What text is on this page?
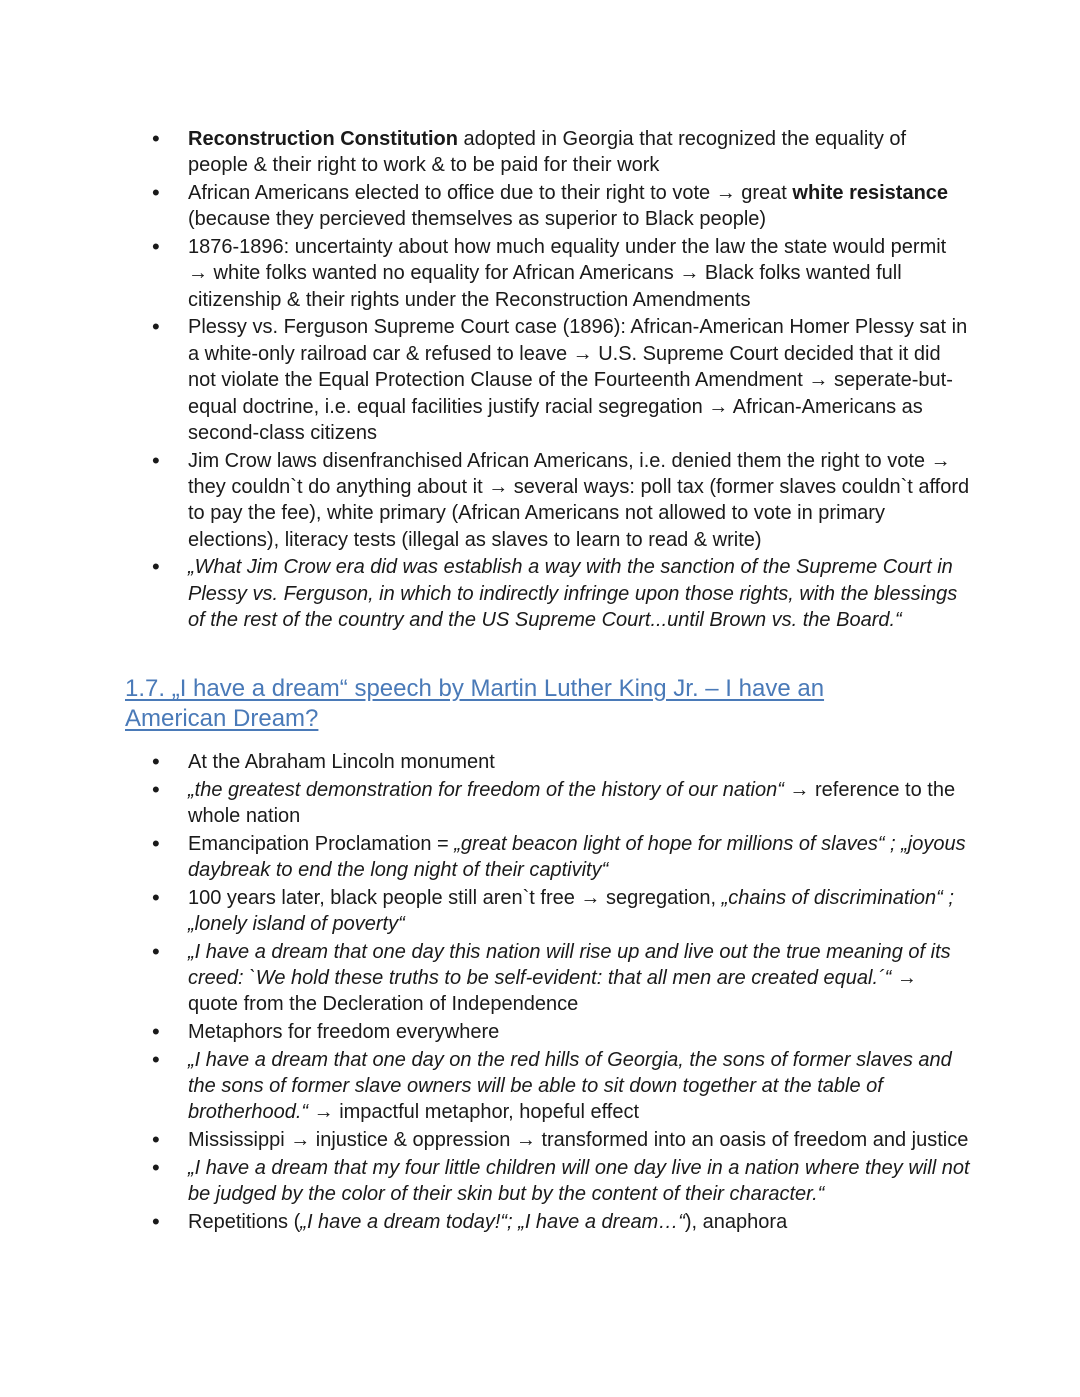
• Reconstruction Constitution adopted in Georgia that recognized the equality of people & their right to work & to be paid for their work
• African Americans elected to office due to their right to vote → great white resistance (because they percieved themselves as superior to Black people)
• 1876-1896: uncertainty about how much equality under the law the state would permit → white folks wanted no equality for African Americans → Black folks wanted full citizenship & their rights under the Reconstruction Amendments
• Plessy vs. Ferguson Supreme Court case (1896): African-American Homer Plessy sat in a white-only railroad car & refused to leave → U.S. Supreme Court decided that it did not violate the Equal Protection Clause of the Fourteenth Amendment → seperate-but-equal doctrine, i.e. equal facilities justify racial segregation → African-Americans as second-class citizens
• Jim Crow laws disenfranchised African Americans, i.e. denied them the right to vote → they couldn`t do anything about it → several ways: poll tax (former slaves couldn`t afford to pay the fee), white primary (African Americans not allowed to vote in primary elections), literacy tests (illegal as slaves to learn to read & write)
• „What Jim Crow era did was establish a way with the sanction of the Supreme Court in Plessy vs. Ferguson, in which to indirectly infringe upon those rights, with the blessings of the rest of the country and the US Supreme Court...until Brown vs. the Board.“
1.7. „I have a dream“ speech by Martin Luther King Jr. – I have an American Dream?
• At the Abraham Lincoln monument
• „the greatest demonstration for freedom of the history of our nation“ → reference to the whole nation
• Emancipation Proclamation = „great beacon light of hope for millions of slaves“ ; „joyous daybreak to end the long night of their captivity“
• 100 years later, black people still aren`t free → segregation, „chains of discrimination“ ; „lonely island of poverty“
• „I have a dream that one day this nation will rise up and live out the true meaning of its creed: `We hold these truths to be self-evident: that all men are created equal.´“ → quote from the Decleration of Independence
• Metaphors for freedom everywhere
• „I have a dream that one day on the red hills of Georgia, the sons of former slaves and the sons of former slave owners will be able to sit down together at the table of brotherhood.“ → impactful metaphor, hopeful effect
• Mississippi → injustice & oppression → transformed into an oasis of freedom and justice
• „I have a dream that my four little children will one day live in a nation where they will not be judged by the color of their skin but by the content of their character.“
• Repetitions („I have a dream today!“; „I have a dream…“), anaphora
